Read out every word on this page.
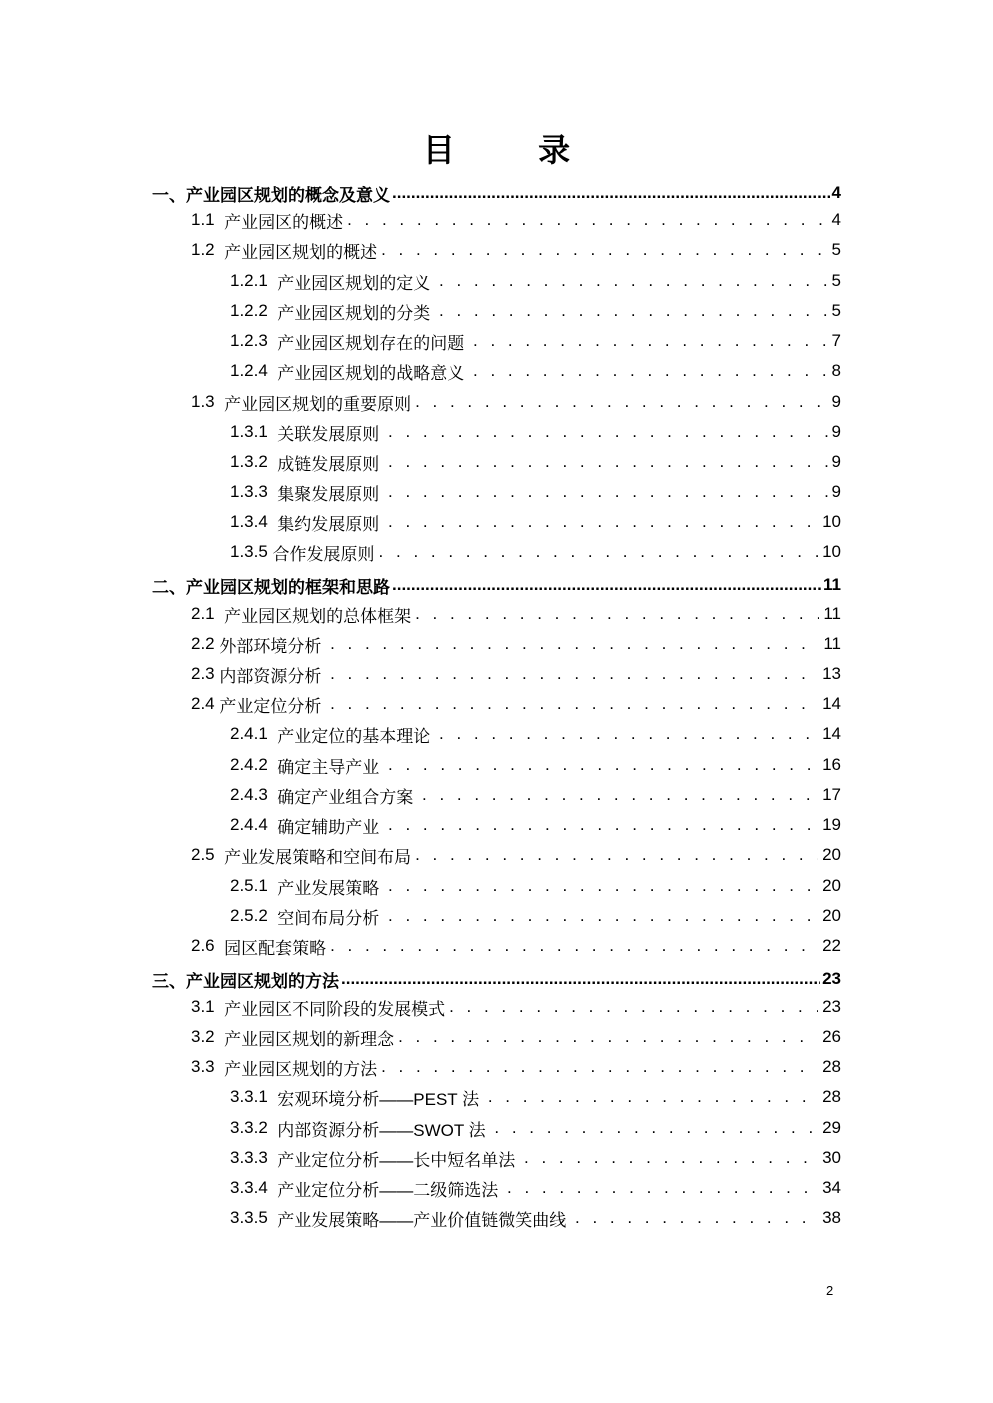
目 录
一、 产业园区规划的概念及意义 .....	4
1.1 产业园区的概述 . . .	4
1.2 产业园区规划的概述 . . .	5
1.2.1 产业园区规划的定义 . . .	5
1.2.2 产业园区规划的分类 . . .	5
1.2.3 产业园区规划存在的问题 . . .	7
1.2.4 产业园区规划的战略意义 . . .	8
1.3 产业园区规划的重要原则 . . .	9
1.3.1 关联发展原则 . . .	9
1.3.2 成链发展原则 . . .	9
1.3.3 集聚发展原则 . . .	9
1.3.4 集约发展原则 . . .	10
1.3.5 合作发展原则 . . .	10
二、 产业园区规划的框架和思路 .....	11
2.1 产业园区规划的总体框架 . . .	11
2.2 外部环境分析 . . .	11
2.3 内部资源分析 . . .	13
2.4 产业定位分析 . . .	14
2.4.1 产业定位的基本理论 . . .	14
2.4.2 确定主导产业 . . .	16
2.4.3 确定产业组合方案 . . .	17
2.4.4 确定辅助产业 . . .	19
2.5 产业发展策略和空间布局 . . .	20
2.5.1 产业发展策略 . . .	20
2.5.2 空间布局分析 . . .	20
2.6 园区配套策略 . . .	22
三、 产业园区规划的方法 .....	23
3.1 产业园区不同阶段的发展模式 . . .	23
3.2 产业园区规划的新理念 . . .	26
3.3 产业园区规划的方法 . . .	28
3.3.1 宏观环境分析——PEST 法 . . .	28
3.3.2 内部资源分析——SWOT 法 . . .	29
3.3.3 产业定位分析——长中短名单法 . . .	30
3.3.4 产业定位分析——二级筛选法 . . .	34
3.3.5 产业发展策略——产业价值链微笑曲线 . . .	38
2
